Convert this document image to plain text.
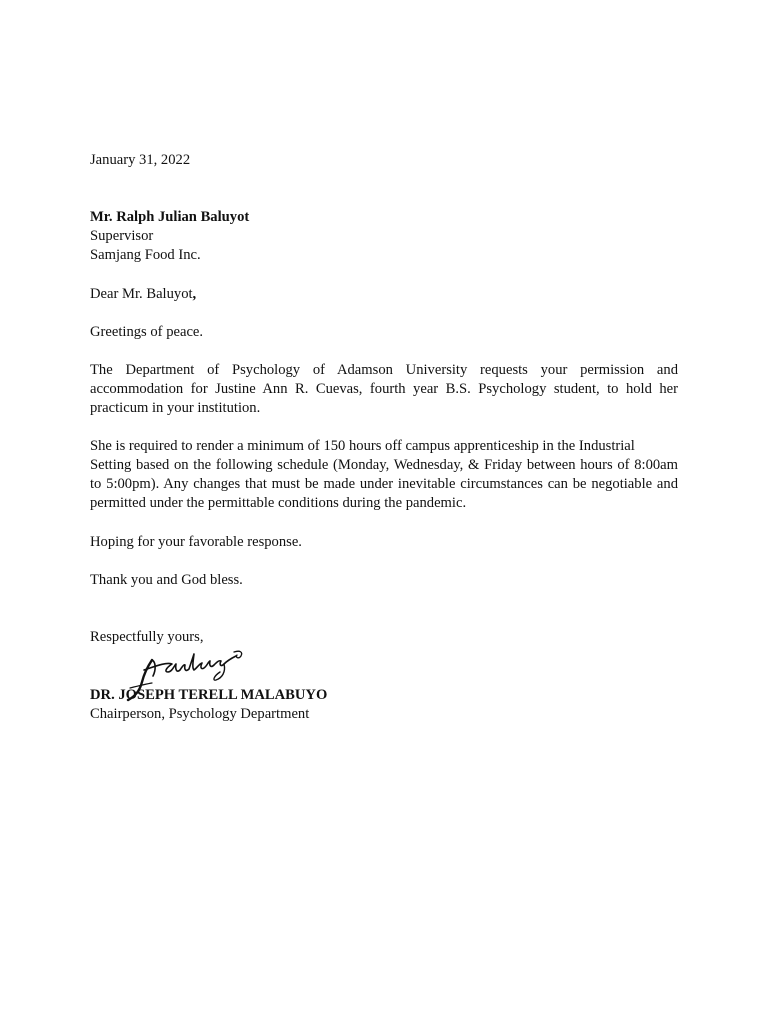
January 31, 2022

Mr. Ralph Julian Baluyot
Supervisor
Samjang Food Inc.

Dear Mr. Baluyot,

Greetings of peace.

The Department of Psychology of Adamson University requests your permission and accommodation for Justine Ann R. Cuevas, fourth year B.S. Psychology student, to hold her practicum in your institution.

She is required to render a minimum of 150 hours off campus apprenticeship in the Industrial
Setting based on the following schedule (Monday, Wednesday, & Friday between hours of 8:00am to 5:00pm). Any changes that must be made under inevitable circumstances can be negotiable and permitted under the permittable conditions during the pandemic.

Hoping for your favorable response.

Thank you and God bless.

Respectfully yours,

DR. JOSEPH TERELL MALABUYO

Chairperson, Psychology Department
